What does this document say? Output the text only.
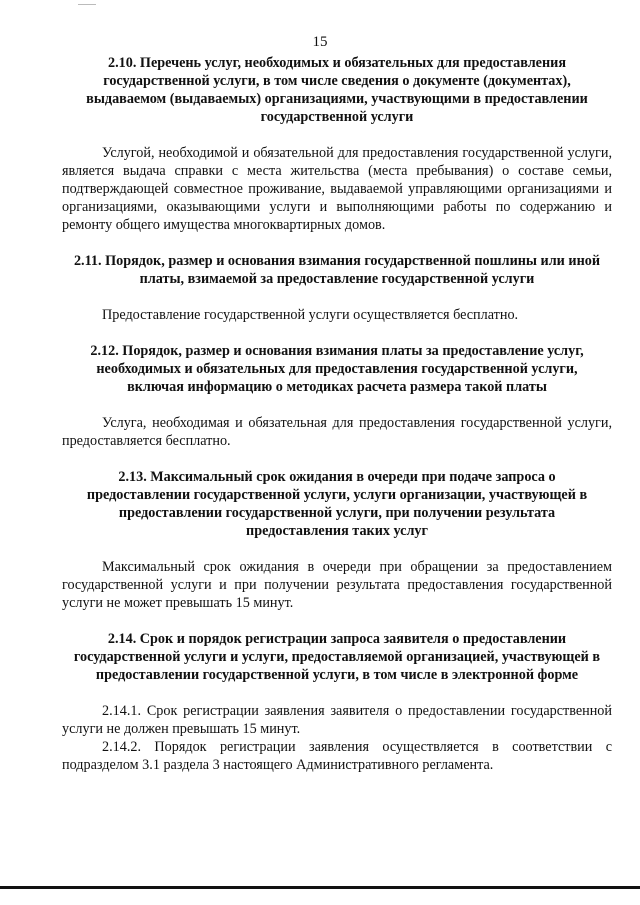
15

2.10. Перечень услуг, необходимых и обязательных для предоставления государственной услуги, в том числе сведения о документе (документах), выдаваемом (выдаваемых) организациями, участвующими в предоставлении государственной услуги

Услугой, необходимой и обязательной для предоставления государственной услуги, является выдача справки с места жительства (места пребывания) о составе семьи, подтверждающей совместное проживание, выдаваемой управляющими организациями и организациями, оказывающими услуги и выполняющими работы по содержанию и ремонту общего имущества многоквартирных домов.

2.11. Порядок, размер и основания взимания государственной пошлины или иной платы, взимаемой за предоставление государственной услуги

Предоставление государственной услуги осуществляется бесплатно.

2.12. Порядок, размер и основания взимания платы за предоставление услуг, необходимых и обязательных для предоставления государственной услуги, включая информацию о методиках расчета размера такой платы

Услуга, необходимая и обязательная для предоставления государственной услуги, предоставляется бесплатно.

2.13. Максимальный срок ожидания в очереди при подаче запроса о предоставлении государственной услуги, услуги организации, участвующей в предоставлении государственной услуги, при получении результата предоставления таких услуг

Максимальный срок ожидания в очереди при обращении за предоставлением государственной услуги и при получении результата предоставления государственной услуги не может превышать 15 минут.

2.14. Срок и порядок регистрации запроса заявителя о предоставлении государственной услуги и услуги, предоставляемой организацией, участвующей в предоставлении государственной услуги, в том числе в электронной форме

2.14.1. Срок регистрации заявления заявителя о предоставлении государственной услуги не должен превышать 15 минут.

2.14.2. Порядок регистрации заявления осуществляется в соответствии с подразделом 3.1 раздела 3 настоящего Административного регламента.
